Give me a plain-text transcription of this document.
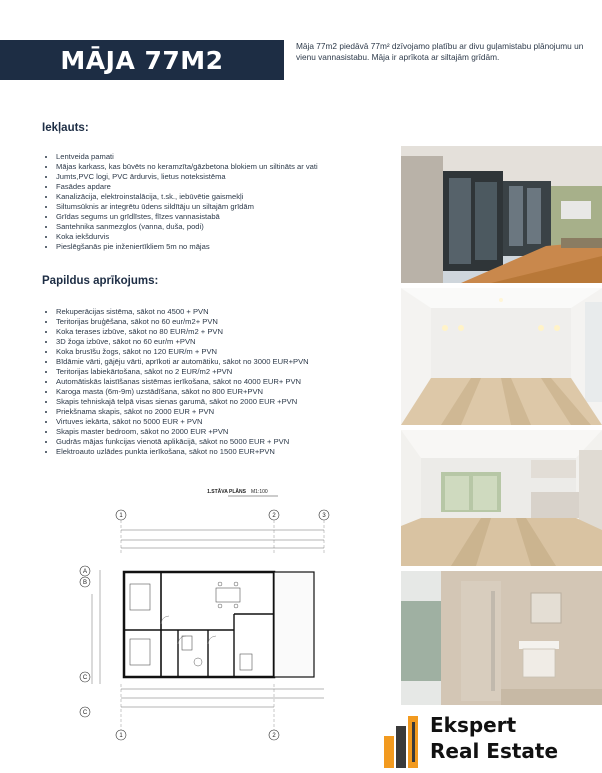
MĀJA 77M2	Māja 77m2 piedāvā 77m² dzīvojamo platību ar divu guļamistabu plānojumu un vienu vannasistabu. Māja ir aprīkota ar siltajām grīdām.
Iekļauts:
• Lentveida pamati
• Mājas karkass, kas būvēts no keramzīta/gāzbetona blokiem un siltināts ar vati
• Jumts,PVC logi, PVC ārdurvis, lietus noteksistēma
• Fasādes apdare
• Kanalizācija, elektroinstalācija, t.sk., iebūvētie gaismekļi
• Siltumsūknis ar integrētu ūdens sildītāju un siltajām grīdām
• Grīdas segums un grīdlīstes, flīzes vannasistabā
• Santehnika sanmezglos (vanna, duša, podi)
• Koka iekšdurvis
• Pieslēgšanās pie inženiertīkliem 5m no mājas
Papildus aprīkojums:
• Rekuperācijas sistēma, sākot no 4500 + PVN
• Teritorijas bruģēšana, sākot no 60 eur/m2+ PVN
• Koka terases izbūve, sākot no 80 EUR/m2 + PVN
• 3D žoga izbūve, sākot no 60 eur/m +PVN
• Koka brusīšu žogs, sākot no 120 EUR/m + PVN
• Bīdāmie vārti, gājēju vārti, aprīkoti ar automātiku, sākot no 3000 EUR+PVN
• Teritorijas labiekārtošana, sākot no 2 EUR/m2 +PVN
• Automātiskās laistīšanas sistēmas ierīkošana, sākot no 4000 EUR+ PVN
• Karoga masta (6m-9m) uzstādīšana, sākot no 800 EUR+PVN
• Skapis tehniskajā telpā visas sienas garumā, sākot no 2000 EUR +PVN
• Priekšnama skapis, sākot no 2000 EUR + PVN
• Virtuves iekārta, sākot no 5000 EUR + PVN
• Skapis master bedroom, sākot no 2000 EUR +PVN
• Gudrās mājas funkcijas vienotā aplikācijā, sākot no 5000 EUR + PVN
• Elektroauto uzlādes punkta ierīkošana, sākot no 1500 EUR+PVN
1.STĀVA PLĀNS M1:100
1	2	3
A
B
C
C
1	2	Ekspert
Real Estate
